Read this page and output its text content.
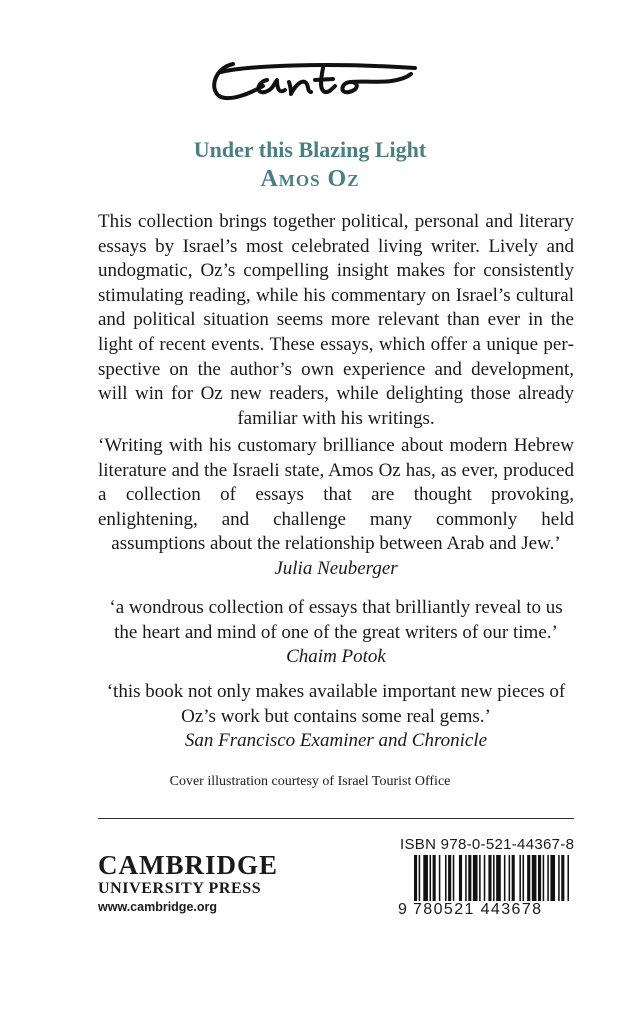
Under this Blazing Light
Amos Oz

This collection brings together political, personal and literary essays by Israel’s most celebrated living writer. Lively and undogmatic, Oz’s compelling insight makes for consistently stimulating reading, while his commentary on Israel’s cultural and political situation seems more relevant than ever in the light of recent events. These essays, which offer a unique perspective on the author’s own experience and development, will win for Oz new readers, while delighting those already familiar with his writings.

‘Writing with his customary brilliance about modern Hebrew literature and the Israeli state, Amos Oz has, as ever, produced a collection of essays that are thought provoking, enlightening, and challenge many commonly held assumptions about the relationship between Arab and Jew.’
Julia Neuberger
‘a wondrous collection of essays that brilliantly reveal to us the heart and mind of one of the great writers of our time.’
Chaim Potok
‘this book not only makes available important new pieces of Oz’s work but contains some real gems.’
San Francisco Examiner and Chronicle

Cover illustration courtesy of Israel Tourist Office

CAMBRIDGE

UNIVERSITY PRESS

www.cambridge.org

ISBN 978-0-521-44367-8

9 780521 443678
